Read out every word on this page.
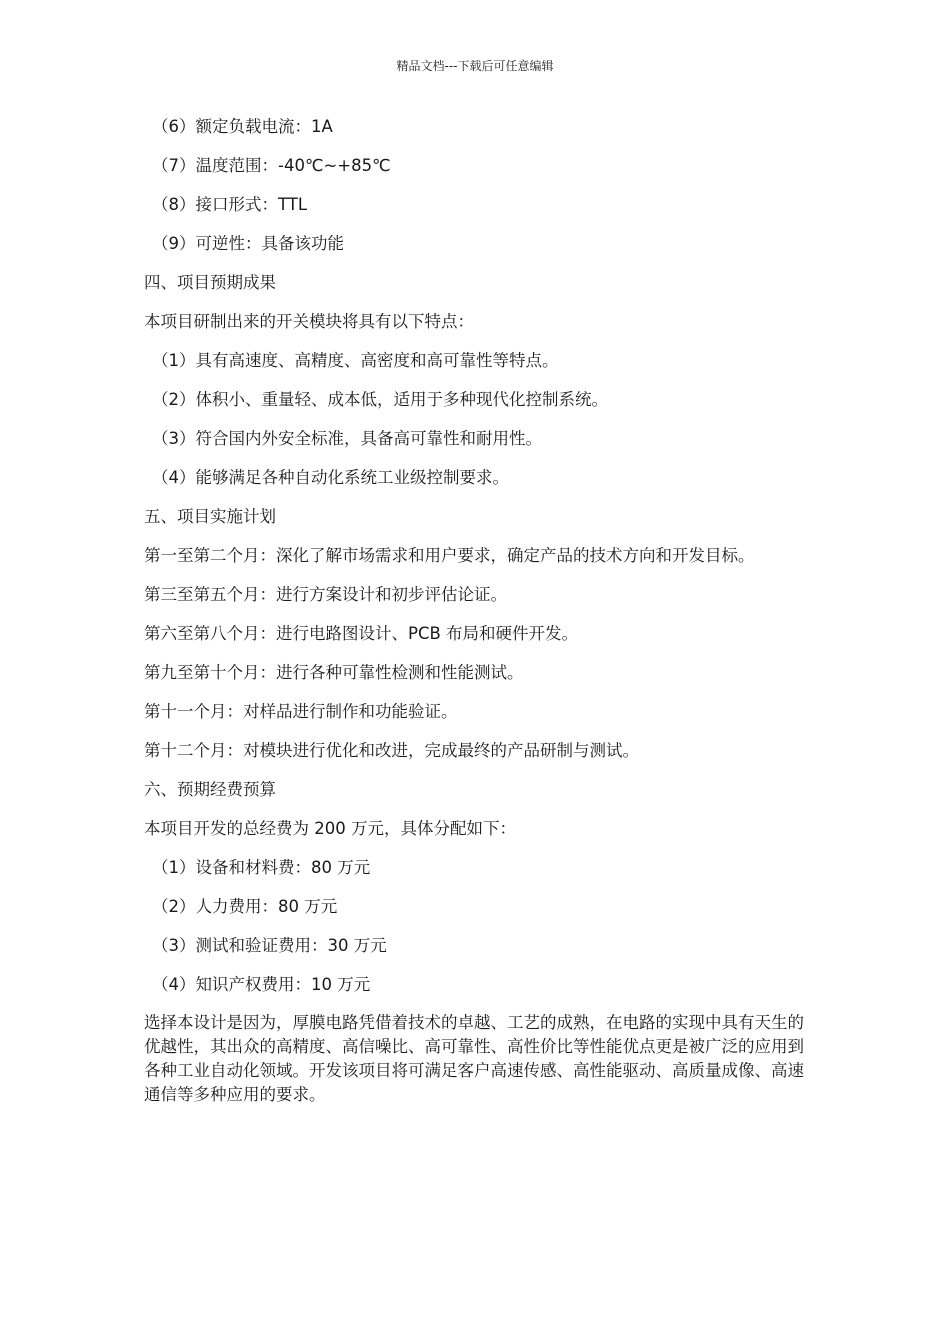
精品文档---下载后可任意编辑
（6）额定负载电流：1A
（7）温度范围：-40℃~+85℃
（8）接口形式：TTL
（9）可逆性：具备该功能
四、项目预期成果
本项目研制出来的开关模块将具有以下特点：
（1）具有高速度、高精度、高密度和高可靠性等特点。
（2）体积小、重量轻、成本低，适用于多种现代化控制系统。
（3）符合国内外安全标准，具备高可靠性和耐用性。
（4）能够满足各种自动化系统工业级控制要求。
五、项目实施计划
第一至第二个月：深化了解市场需求和用户要求，确定产品的技术方向和开发目标。
第三至第五个月：进行方案设计和初步评估论证。
第六至第八个月：进行电路图设计、PCB 布局和硬件开发。
第九至第十个月：进行各种可靠性检测和性能测试。
第十一个月：对样品进行制作和功能验证。
第十二个月：对模块进行优化和改进，完成最终的产品研制与测试。
六、预期经费预算
本项目开发的总经费为 200 万元，具体分配如下：
（1）设备和材料费：80 万元
（2）人力费用：80 万元
（3）测试和验证费用：30 万元
（4）知识产权费用：10 万元
选择本设计是因为，厚膜电路凭借着技术的卓越、工艺的成熟，在电路的实现中具有天生的优越性，其出众的高精度、高信噪比、高可靠性、高性价比等性能优点更是被广泛的应用到各种工业自动化领域。开发该项目将可满足客户高速传感、高性能驱动、高质量成像、高速通信等多种应用的要求。
